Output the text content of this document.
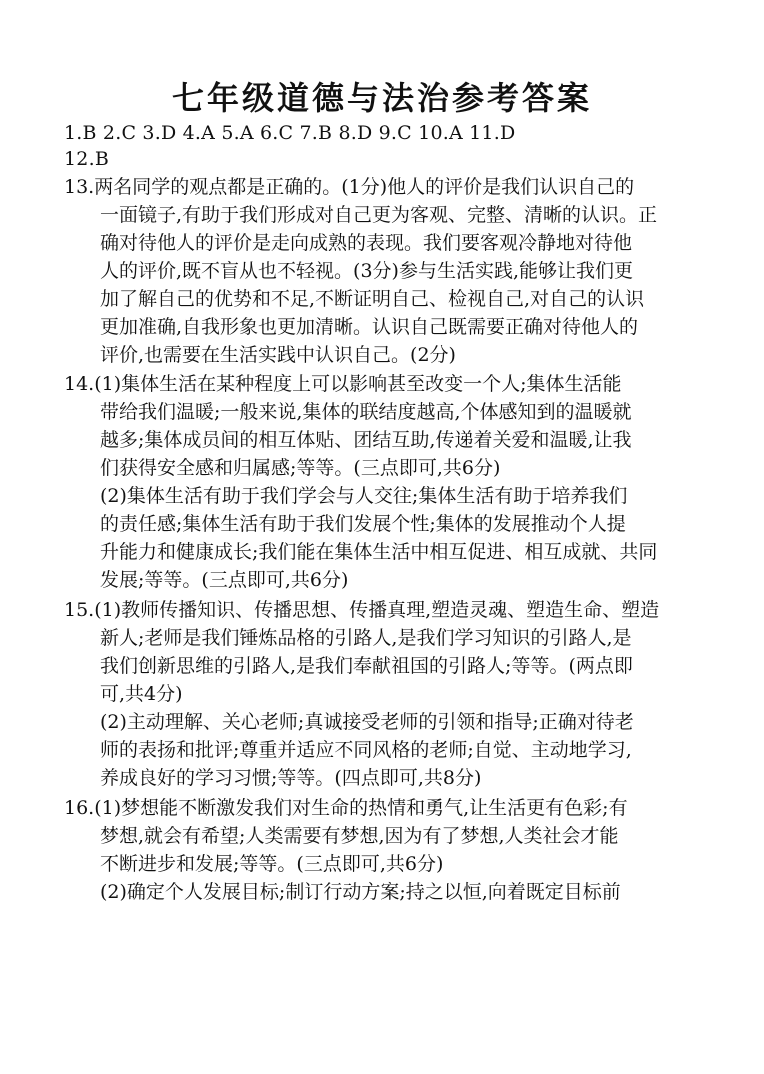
七年级道德与法治参考答案

1.B 2.C 3.D 4.A 5.A 6.C 7.B 8.D 9.C 10.A 11.D

12.B

13.两名同学的观点都是正确的。(1分)他人的评价是我们认识自己的

一面镜子,有助于我们形成对自己更为客观、完整、清晰的认识。正

确对待他人的评价是走向成熟的表现。我们要客观冷静地对待他

人的评价,既不盲从也不轻视。(3分)参与生活实践,能够让我们更

加了解自己的优势和不足,不断证明自己、检视自己,对自己的认识

更加准确,自我形象也更加清晰。认识自己既需要正确对待他人的

评价,也需要在生活实践中认识自己。(2分)

14.(1)集体生活在某种程度上可以影响甚至改变一个人;集体生活能

带给我们温暖;一般来说,集体的联结度越高,个体感知到的温暖就

越多;集体成员间的相互体贴、团结互助,传递着关爱和温暖,让我

们获得安全感和归属感;等等。(三点即可,共6分)

(2)集体生活有助于我们学会与人交往;集体生活有助于培养我们

的责任感;集体生活有助于我们发展个性;集体的发展推动个人提

升能力和健康成长;我们能在集体生活中相互促进、相互成就、共同

发展;等等。(三点即可,共6分)

15.(1)教师传播知识、传播思想、传播真理,塑造灵魂、塑造生命、塑造

新人;老师是我们锤炼品格的引路人,是我们学习知识的引路人,是

我们创新思维的引路人,是我们奉献祖国的引路人;等等。(两点即

可,共4分)

(2)主动理解、关心老师;真诚接受老师的引领和指导;正确对待老

师的表扬和批评;尊重并适应不同风格的老师;自觉、主动地学习,

养成良好的学习习惯;等等。(四点即可,共8分)

16.(1)梦想能不断激发我们对生命的热情和勇气,让生活更有色彩;有

梦想,就会有希望;人类需要有梦想,因为有了梦想,人类社会才能

不断进步和发展;等等。(三点即可,共6分)

(2)确定个人发展目标;制订行动方案;持之以恒,向着既定目标前
